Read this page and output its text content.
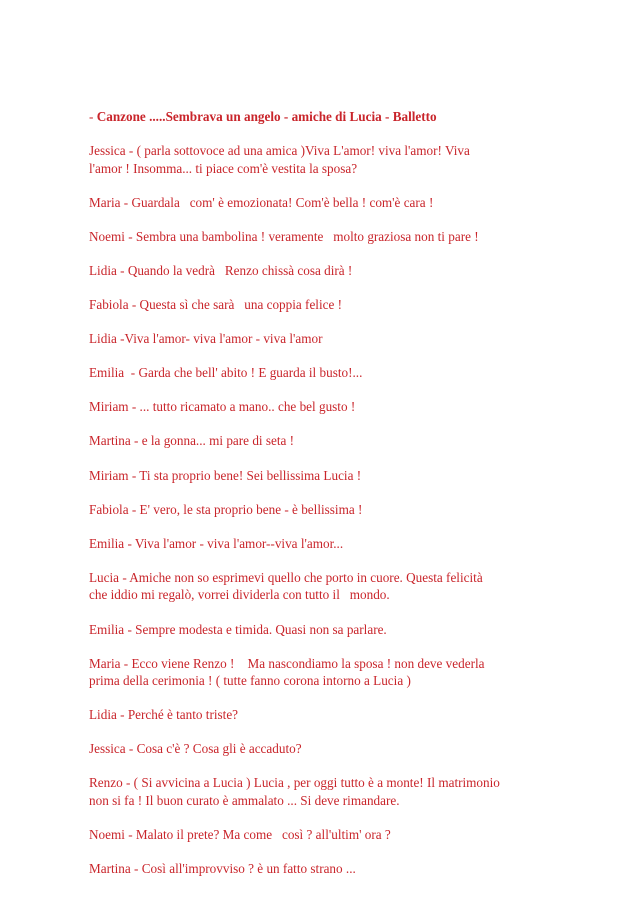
- Canzone .....Sembrava un angelo - amiche di Lucia - Balletto

Jessica - ( parla sottovoce ad una amica )Viva L'amor! viva l'amor! Viva
l'amor ! Insomma... ti piace com'è vestita la sposa?

Maria - Guardala   com' è emozionata! Com'è bella ! com'è cara !

Noemi - Sembra una bambolina ! veramente   molto graziosa non ti pare !

Lidia - Quando la vedrà   Renzo chissà cosa dirà !

Fabiola - Questa sì che sarà   una coppia felice !

Lidia -Viva l'amor- viva l'amor - viva l'amor

Emilia  - Garda che bell' abito ! E guarda il busto!...

Miriam - ... tutto ricamato a mano.. che bel gusto !

Martina - e la gonna... mi pare di seta !

Miriam - Ti sta proprio bene! Sei bellissima Lucia !

Fabiola - E' vero, le sta proprio bene - è bellissima !

Emilia - Viva l'amor - viva l'amor--viva l'amor...

Lucia - Amiche non so esprimevi quello che porto in cuore. Questa felicità
che iddio mi regalò, vorrei dividerla con tutto il   mondo.

Emilia - Sempre modesta e timida. Quasi non sa parlare.

Maria - Ecco viene Renzo !    Ma nascondiamo la sposa ! non deve vederla
prima della cerimonia ! ( tutte fanno corona intorno a Lucia )

Lidia - Perché è tanto triste?

Jessica - Cosa c'è ? Cosa gli è accaduto?

Renzo - ( Si avvicina a Lucia ) Lucia , per oggi tutto è a monte! Il matrimonio
non si fa ! Il buon curato è ammalato ... Si deve rimandare.

Noemi - Malato il prete? Ma come   così ? all'ultim' ora ?

Martina - Così all'improvviso ? è un fatto strano ...
